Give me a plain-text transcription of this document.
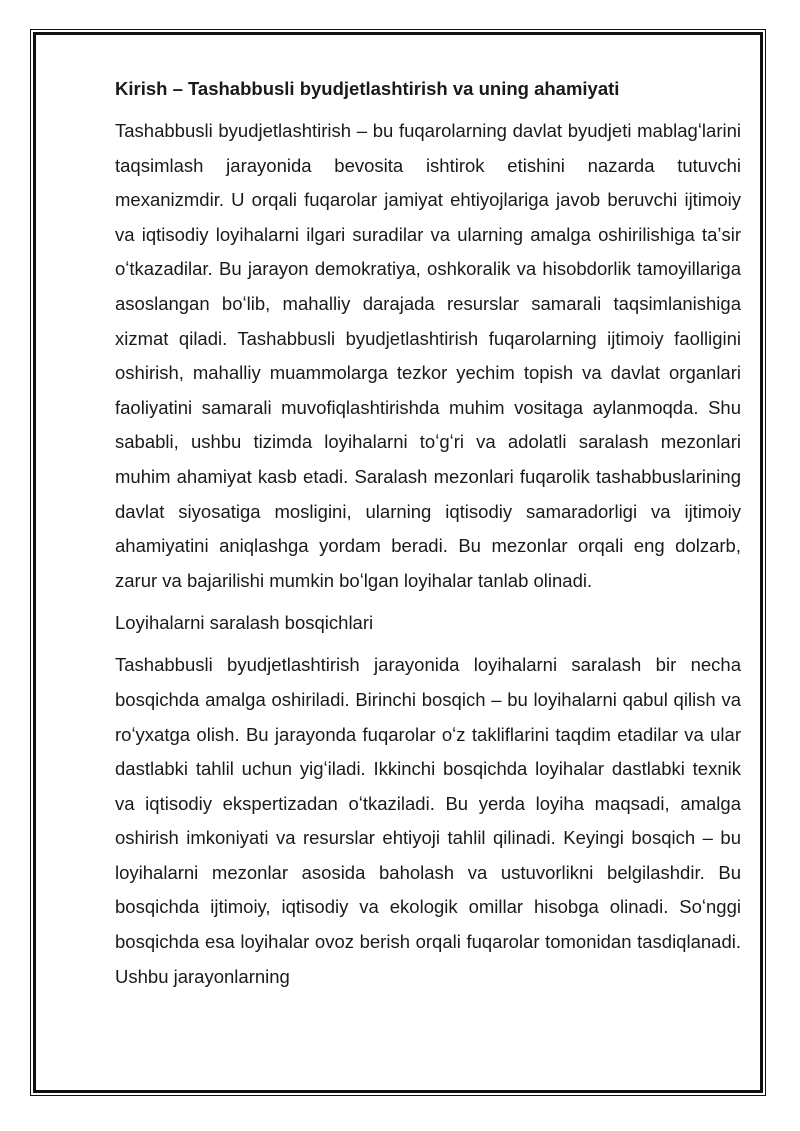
Kirish – Tashabbusli byudjetlashtirish va uning ahamiyati

Tashabbusli byudjetlashtirish – bu fuqarolarning davlat byudjeti mablagʻlarini taqsimlash jarayonida bevosita ishtirok etishini nazarda tutuvchi mexanizmdir. U orqali fuqarolar jamiyat ehtiyojlariga javob beruvchi ijtimoiy va iqtisodiy loyihalarni ilgari suradilar va ularning amalga oshirilishiga taʼsir oʻtkazadilar. Bu jarayon demokratiya, oshkoralik va hisobdorlik tamoyillariga asoslangan boʻlib, mahalliy darajada resurslar samarali taqsimlanishiga xizmat qiladi. Tashabbusli byudjetlashtirish fuqarolarning ijtimoiy faolligini oshirish, mahalliy muammolarga tezkor yechim topish va davlat organlari faoliyatini samarali muvofiqlashtirishda muhim vositaga aylanmoqda. Shu sababli, ushbu tizimda loyihalarni toʻgʻri va adolatli saralash mezonlari muhim ahamiyat kasb etadi. Saralash mezonlari fuqarolik tashabbuslarining davlat siyosatiga mosligini, ularning iqtisodiy samaradorligi va ijtimoiy ahamiyatini aniqlashga yordam beradi. Bu mezonlar orqali eng dolzarb, zarur va bajarilishi mumkin boʻlgan loyihalar tanlab olinadi.

Loyihalarni saralash bosqichlari

Tashabbusli byudjetlashtirish jarayonida loyihalarni saralash bir necha bosqichda amalga oshiriladi. Birinchi bosqich – bu loyihalarni qabul qilish va roʻyxatga olish. Bu jarayonda fuqarolar oʻz takliflarini taqdim etadilar va ular dastlabki tahlil uchun yigʻiladi. Ikkinchi bosqichda loyihalar dastlabki texnik va iqtisodiy ekspertizadan oʻtkaziladi. Bu yerda loyiha maqsadi, amalga oshirish imkoniyati va resurslar ehtiyoji tahlil qilinadi. Keyingi bosqich – bu loyihalarni mezonlar asosida baholash va ustuvorlikni belgilashdir. Bu bosqichda ijtimoiy, iqtisodiy va ekologik omillar hisobga olinadi. Soʻnggi bosqichda esa loyihalar ovoz berish orqali fuqarolar tomonidan tasdiqlanadi. Ushbu jarayonlarning
